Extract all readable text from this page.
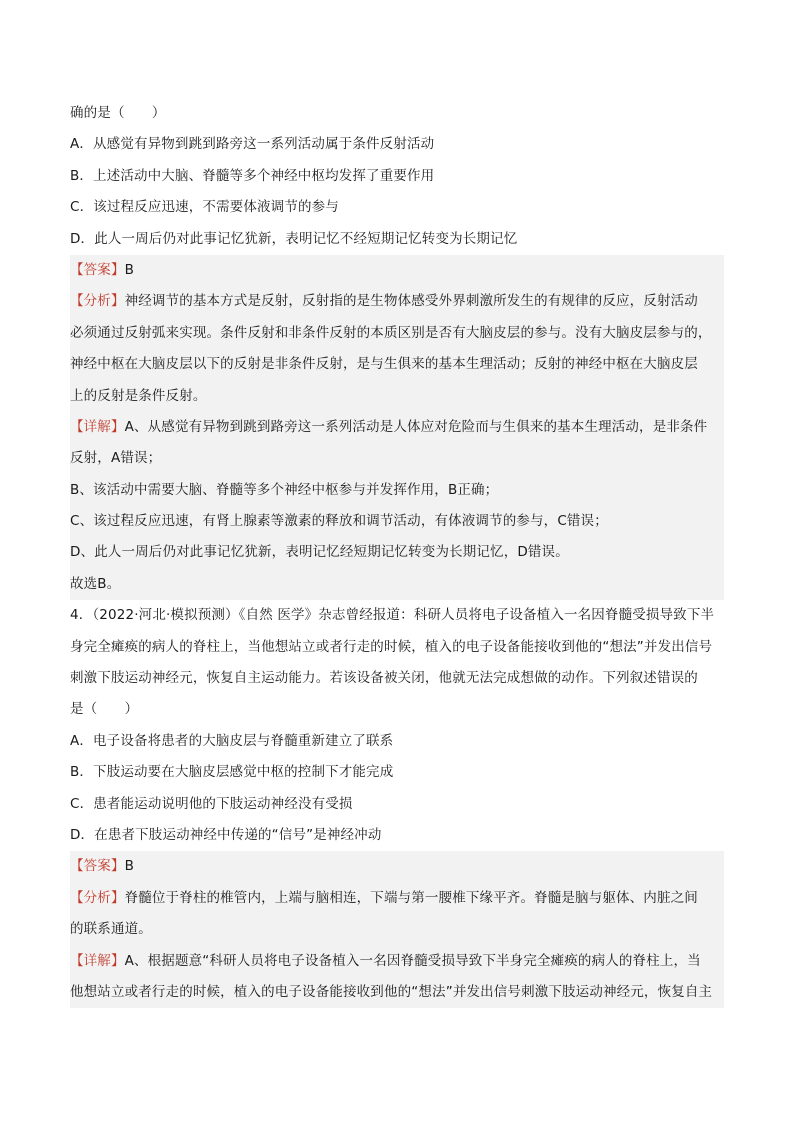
确的是（　　）
A．从感觉有异物到跳到路旁这一系列活动属于条件反射活动
B．上述活动中大脑、脊髓等多个神经中枢均发挥了重要作用
C．该过程反应迅速，不需要体液调节的参与
D．此人一周后仍对此事记忆犹新，表明记忆不经短期记忆转变为长期记忆
【答案】B
【分析】神经调节的基本方式是反射，反射指的是生物体感受外界刺激所发生的有规律的反应，反射活动
必须通过反射弧来实现。条件反射和非条件反射的本质区别是否有大脑皮层的参与。没有大脑皮层参与的，
神经中枢在大脑皮层以下的反射是非条件反射，是与生俱来的基本生理活动；反射的神经中枢在大脑皮层
上的反射是条件反射。
【详解】A、从感觉有异物到跳到路旁这一系列活动是人体应对危险而与生俱来的基本生理活动，是非条件
反射，A错误；
B、该活动中需要大脑、脊髓等多个神经中枢参与并发挥作用，B正确；
C、该过程反应迅速，有肾上腺素等激素的释放和调节活动，有体液调节的参与，C错误；
D、此人一周后仍对此事记忆犹新，表明记忆经短期记忆转变为长期记忆，D错误。
故选B。
4．（2022·河北·模拟预测）《自然 医学》杂志曾经报道：科研人员将电子设备植入一名因脊髓受损导致下半
身完全瘫痪的病人的脊柱上，当他想站立或者行走的时候，植入的电子设备能接收到他的“想法”并发出信号
刺激下肢运动神经元，恢复自主运动能力。若该设备被关闭，他就无法完成想做的动作。下列叙述错误的
是（　　）
A．电子设备将患者的大脑皮层与脊髓重新建立了联系
B．下肢运动要在大脑皮层感觉中枢的控制下才能完成
C．患者能运动说明他的下肢运动神经没有受损
D．在患者下肢运动神经中传递的“信号”是神经冲动
【答案】B
【分析】脊髓位于脊柱的椎管内，上端与脑相连，下端与第一腰椎下缘平齐。脊髓是脑与躯体、内脏之间
的联系通道。
【详解】A、根据题意“科研人员将电子设备植入一名因脊髓受损导致下半身完全瘫痪的病人的脊柱上，当
他想站立或者行走的时候，植入的电子设备能接收到他的“想法”并发出信号刺激下肢运动神经元，恢复自主
